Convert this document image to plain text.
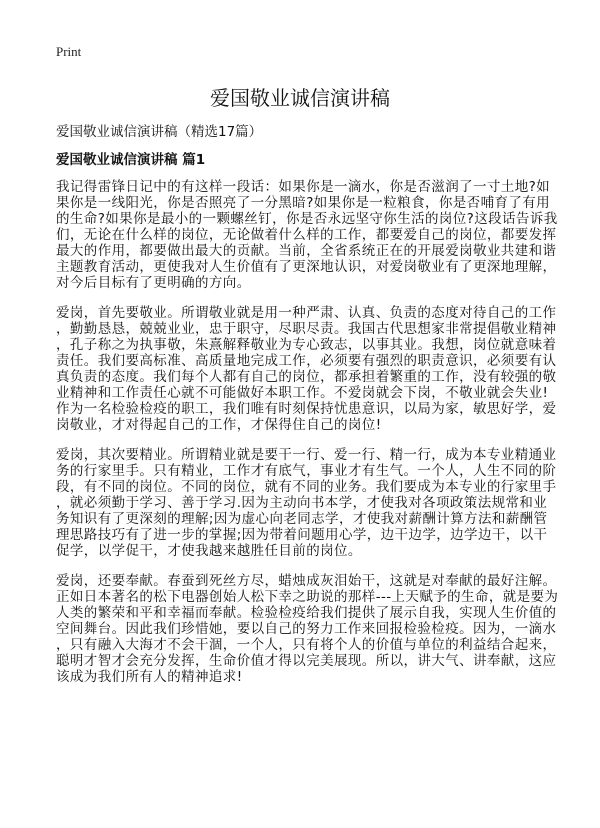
Print
爱国敬业诚信演讲稿
爱国敬业诚信演讲稿（精选17篇）
爱国敬业诚信演讲稿 篇1
我记得雷锋日记中的有这样一段话：如果你是一滴水，你是否滋润了一寸土地?如
果你是一线阳光，你是否照亮了一分黑暗?如果你是一粒粮食，你是否哺育了有用
的生命?如果你是最小的一颗螺丝钉，你是否永远坚守你生活的岗位?这段话告诉我
们，无论在什么样的岗位，无论做着什么样的工作，都要爱自己的岗位，都要发挥
最大的作用，都要做出最大的贡献。当前，全省系统正在的开展爱岗敬业共建和谐
主题教育活动，更使我对人生价值有了更深地认识，对爱岗敬业有了更深地理解，
对今后目标有了更明确的方向。
爱岗，首先要敬业。所谓敬业就是用一种严肃、认真、负责的态度对待自己的工作
，勤勤恳恳，兢兢业业，忠于职守，尽职尽责。我国古代思想家非常提倡敬业精神
，孔子称之为执事敬，朱熹解释敬业为专心致志，以事其业。我想，岗位就意味着
责任。我们要高标准、高质量地完成工作，必须要有强烈的职责意识，必须要有认
真负责的态度。我们每个人都有自己的岗位，都承担着繁重的工作，没有较强的敬
业精神和工作责任心就不可能做好本职工作。不爱岗就会下岗，不敬业就会失业!
作为一名检验检疫的职工，我们唯有时刻保持忧患意识，以局为家，敏思好学，爱
岗敬业，才对得起自己的工作，才保得住自己的岗位!
爱岗，其次要精业。所谓精业就是要干一行、爱一行、精一行，成为本专业精通业
务的行家里手。只有精业，工作才有底气，事业才有生气。一个人，人生不同的阶
段，有不同的岗位。不同的岗位，就有不同的业务。我们要成为本专业的行家里手
，就必须勤于学习、善于学习.因为主动向书本学，才使我对各项政策法规常和业
务知识有了更深刻的理解;因为虚心向老同志学，才使我对薪酬计算方法和薪酬管
理思路技巧有了进一步的掌握;因为带着问题用心学，边干边学，边学边干，以干
促学，以学促干，才使我越来越胜任目前的岗位。
爱岗，还要奉献。春蚕到死丝方尽，蜡烛成灰泪始干，这就是对奉献的最好注解。
正如日本著名的松下电器创始人松下幸之助说的那样---上天赋予的生命，就是要为
人类的繁荣和平和幸福而奉献。检验检疫给我们提供了展示自我，实现人生价值的
空间舞台。因此我们珍惜她，要以自己的努力工作来回报检验检疫。因为，一滴水
，只有融入大海才不会干涸，一个人，只有将个人的价值与单位的利益结合起来，
聪明才智才会充分发挥，生命价值才得以完美展现。所以，讲大气、讲奉献，这应
该成为我们所有人的精神追求!
